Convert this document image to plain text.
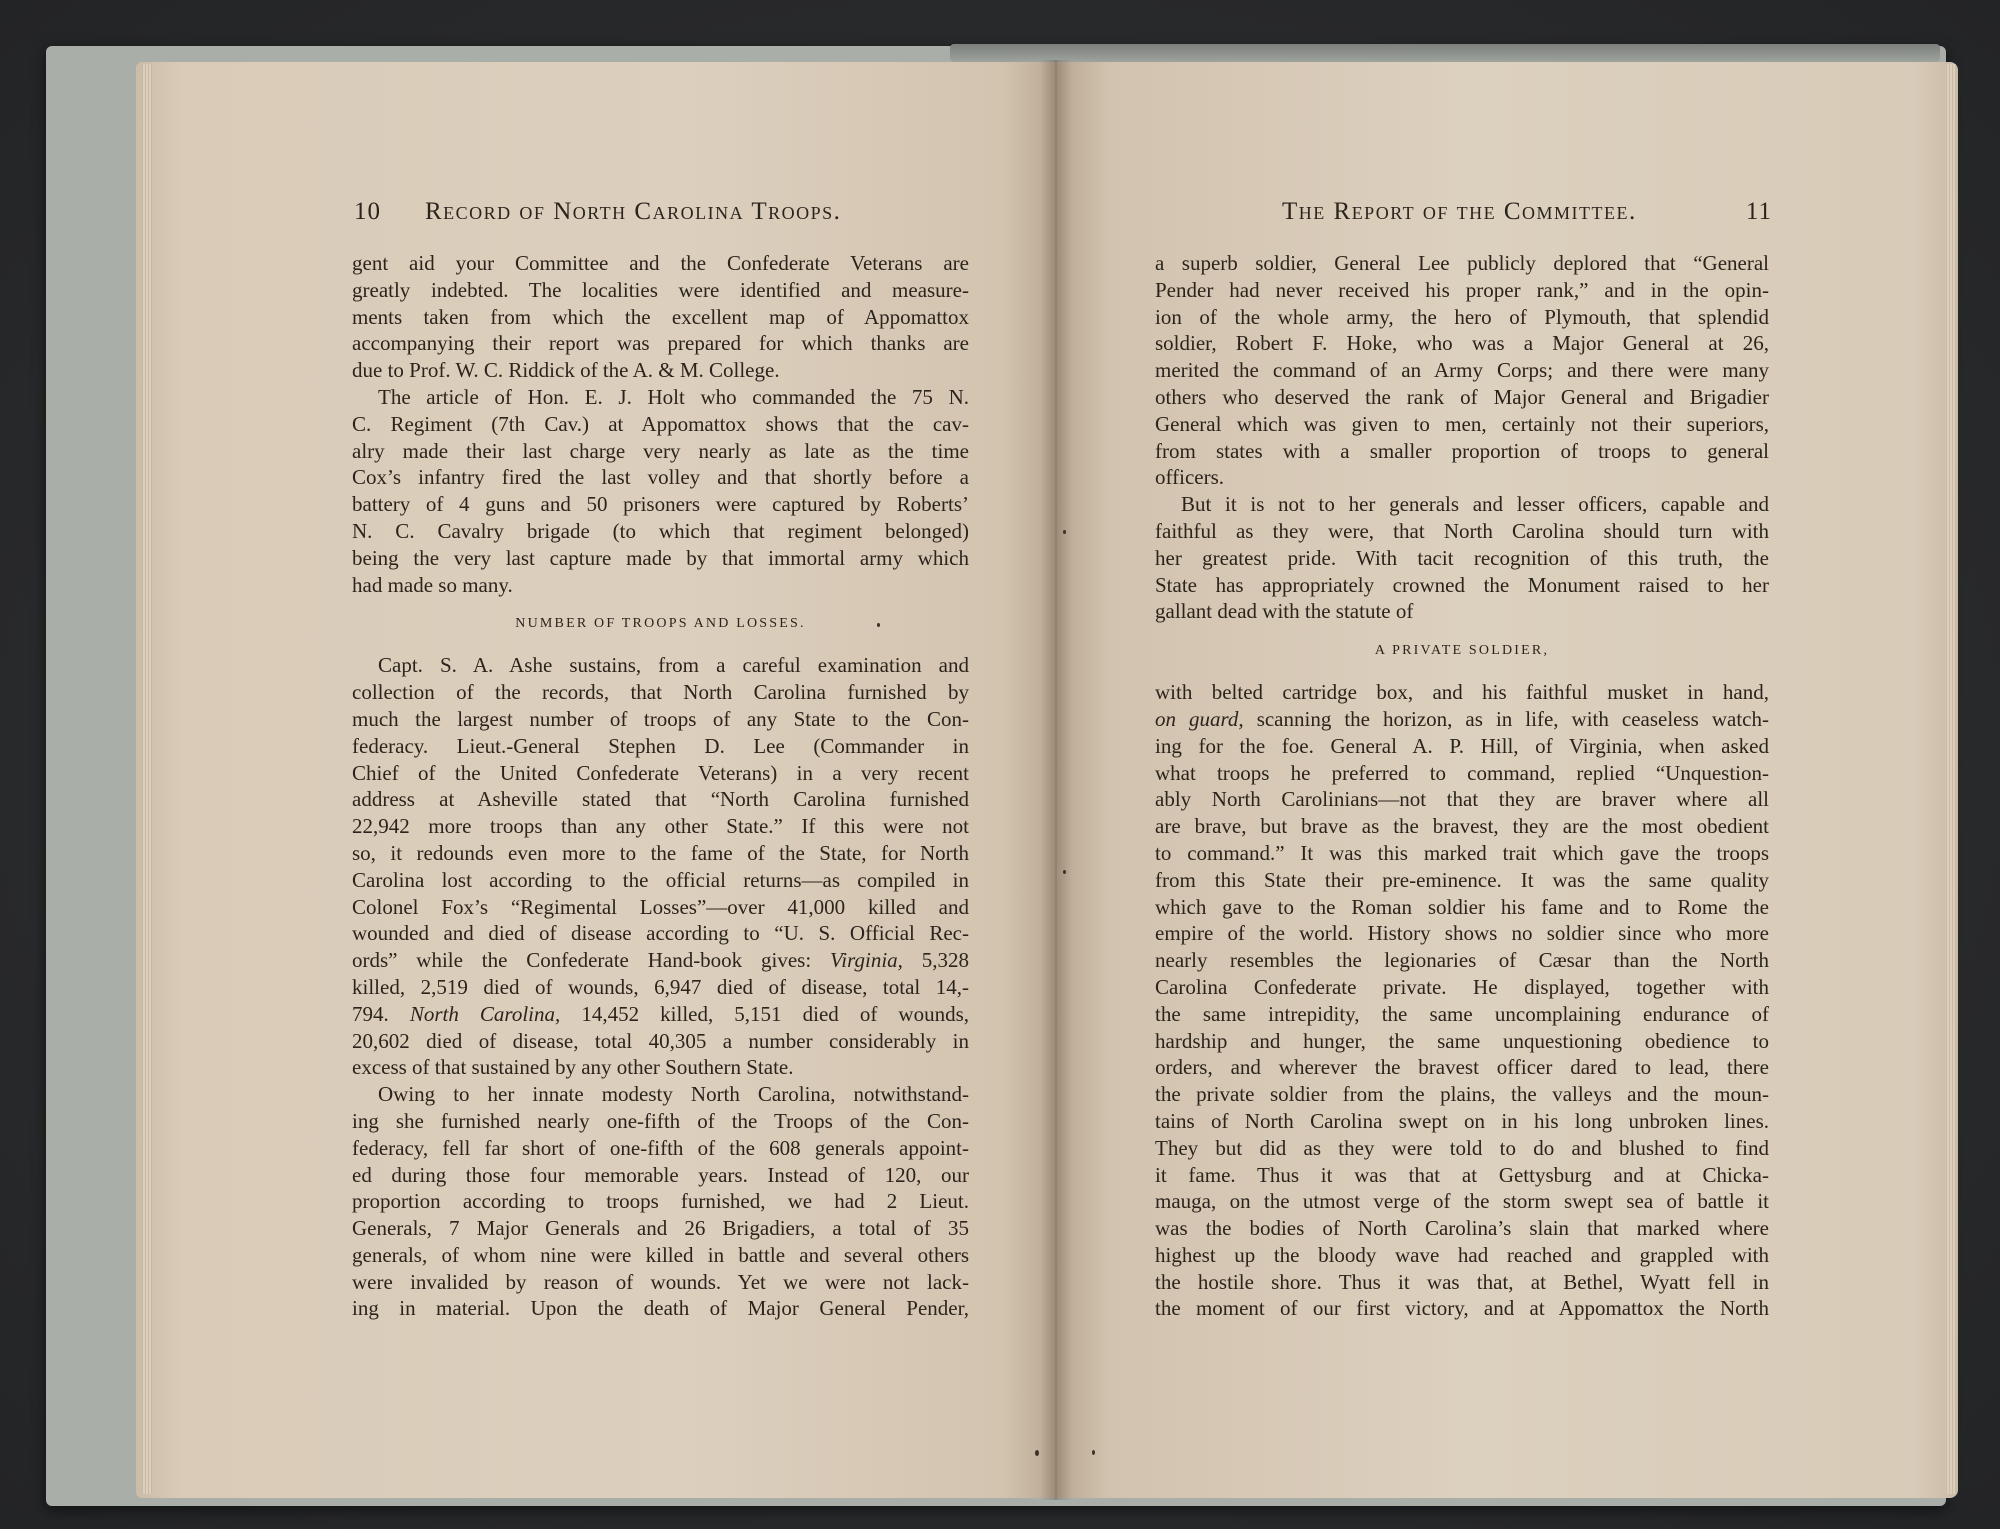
10 Record of North Carolina Troops.	The Report of the Committee.	11
gent aid your Committee and the Confederate Veterans are
greatly indebted. The localities were identified and measure-
ments taken from which the excellent map of Appomattox
accompanying their report was prepared for which thanks are
due to Prof. W. C. Riddick of the A. & M. College.
The article of Hon. E. J. Holt who commanded the 75 N.
C. Regiment (7th Cav.) at Appomattox shows that the cav-
alry made their last charge very nearly as late as the time
Cox’s infantry fired the last volley and that shortly before a
battery of 4 guns and 50 prisoners were captured by Roberts’
N. C. Cavalry brigade (to which that regiment belonged)
being the very last capture made by that immortal army which
had made so many.
NUMBER OF TROOPS AND LOSSES.
Capt. S. A. Ashe sustains, from a careful examination and
collection of the records, that North Carolina furnished by
much the largest number of troops of any State to the Con-
federacy. Lieut.-General Stephen D. Lee (Commander in
Chief of the United Confederate Veterans) in a very recent
address at Asheville stated that “North Carolina furnished
22,942 more troops than any other State.” If this were not
so, it redounds even more to the fame of the State, for North
Carolina lost according to the official returns—as compiled in
Colonel Fox’s “Regimental Losses”—over 41,000 killed and
wounded and died of disease according to “U. S. Official Rec-
ords” while the Confederate Hand-book gives: Virginia, 5,328
killed, 2,519 died of wounds, 6,947 died of disease, total 14,-
794. North Carolina, 14,452 killed, 5,151 died of wounds,
20,602 died of disease, total 40,305 a number considerably in
excess of that sustained by any other Southern State.
Owing to her innate modesty North Carolina, notwithstand-
ing she furnished nearly one-fifth of the Troops of the Con-
federacy, fell far short of one-fifth of the 608 generals appoint-
ed during those four memorable years. Instead of 120, our
proportion according to troops furnished, we had 2 Lieut.
Generals, 7 Major Generals and 26 Brigadiers, a total of 35
generals, of whom nine were killed in battle and several others
were invalided by reason of wounds. Yet we were not lack-
ing in material. Upon the death of Major General Pender,
a superb soldier, General Lee publicly deplored that “General
Pender had never received his proper rank,” and in the opin-
ion of the whole army, the hero of Plymouth, that splendid
soldier, Robert F. Hoke, who was a Major General at 26,
merited the command of an Army Corps; and there were many
others who deserved the rank of Major General and Brigadier
General which was given to men, certainly not their superiors,
from states with a smaller proportion of troops to general
officers.
But it is not to her generals and lesser officers, capable and
faithful as they were, that North Carolina should turn with
her greatest pride. With tacit recognition of this truth, the
State has appropriately crowned the Monument raised to her
gallant dead with the statute of
A PRIVATE SOLDIER,
with belted cartridge box, and his faithful musket in hand,
on guard, scanning the horizon, as in life, with ceaseless watch-
ing for the foe. General A. P. Hill, of Virginia, when asked
what troops he preferred to command, replied “Unquestion-
ably North Carolinians—not that they are braver where all
are brave, but brave as the bravest, they are the most obedient
to command.” It was this marked trait which gave the troops
from this State their pre-eminence. It was the same quality
which gave to the Roman soldier his fame and to Rome the
empire of the world. History shows no soldier since who more
nearly resembles the legionaries of Cæsar than the North
Carolina Confederate private. He displayed, together with
the same intrepidity, the same uncomplaining endurance of
hardship and hunger, the same unquestioning obedience to
orders, and wherever the bravest officer dared to lead, there
the private soldier from the plains, the valleys and the moun-
tains of North Carolina swept on in his long unbroken lines.
They but did as they were told to do and blushed to find
it fame. Thus it was that at Gettysburg and at Chicka-
mauga, on the utmost verge of the storm swept sea of battle it
was the bodies of North Carolina’s slain that marked where
highest up the bloody wave had reached and grappled with
the hostile shore. Thus it was that, at Bethel, Wyatt fell in
the moment of our first victory, and at Appomattox the North
